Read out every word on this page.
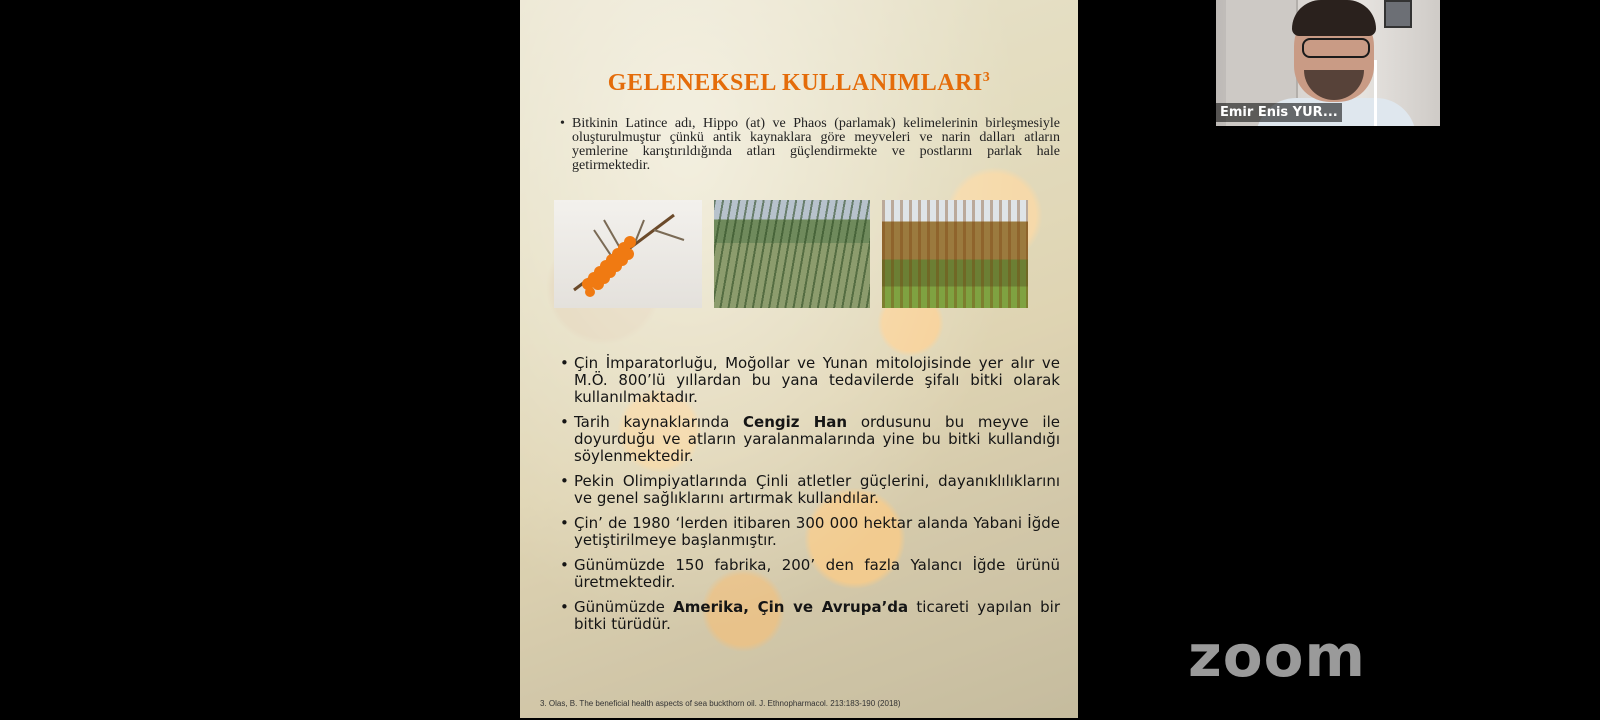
GELENEKSEL KULLANIMLARI$^3$
• Bitkinin Latince adı, Hippo (at) ve Phaos (parlamak) kelimelerinin birleşmesiyle oluşturulmuştur çünkü antik kaynaklara göre meyveleri ve narin dalları atların yemlerine karıştırıldığında atları güçlendirmekte ve postlarını parlak hale getirmektedir.
• Çin İmparatorluğu, Moğollar ve Yunan mitolojisinde yer alır ve M.Ö. 800’lü yıllardan bu yana tedavilerde şifalı bitki olarak kullanılmaktadır.
• Tarih kaynaklarında Cengiz Han ordusunu bu meyve ile doyurduğu ve atların yaralanmalarında yine bu bitki kullandığı söylenmektedir.
• Pekin Olimpiyatlarında Çinli atletler güçlerini, dayanıklılıklarını ve genel sağlıklarını artırmak kullandılar.
• Çin’ de 1980 ‘lerden itibaren 300 000 hektar alanda Yabani İğde yetiştirilmeye başlanmıştır.
• Günümüzde 150 fabrika, 200’ den fazla Yalancı İğde ürünü üretmektedir.
• Günümüzde Amerika, Çin ve Avrupa’da ticareti yapılan bir bitki türüdür.
3. Olas, B. The beneficial health aspects of sea buckthorn oil. J. Ethnopharmacol. 213:183-190 (2018)
Emir Enis YUR...
zoom
